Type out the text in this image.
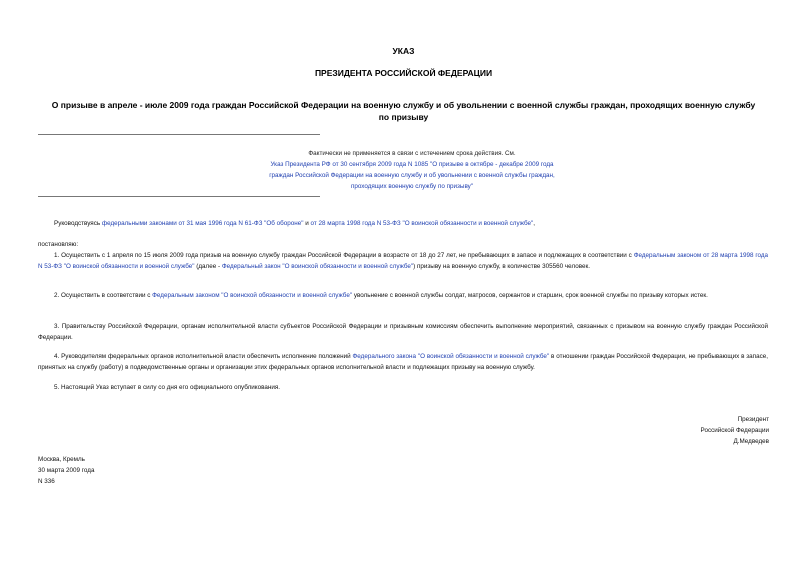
УКАЗ
ПРЕЗИДЕНТА РОССИЙСКОЙ ФЕДЕРАЦИИ

О призыве в апреле - июле 2009 года граждан Российской Федерации на военную службу и об увольнении с военной службы граждан, проходящих военную службу по призыву

Фактически не применяется в связи с истечением срока действия. См.
Указ Президента РФ от 30 сентября 2009 года N 1085 "О призыве в октябре - декабре 2009 года граждан Российской Федерации на военную службу и об увольнении с военной службы граждан, проходящих военную службу по призыву"

Руководствуясь федеральными законами от 31 мая 1996 года N 61-ФЗ "Об обороне" и от 28 марта 1998 года N 53-ФЗ "О воинской обязанности и военной службе",

постановляю:

1. Осуществить с 1 апреля по 15 июля 2009 года призыв на военную службу граждан Российской Федерации в возрасте от 18 до 27 лет, не пребывающих в запасе и подлежащих в соответствии с Федеральным законом от 28 марта 1998 года N 53-ФЗ "О воинской обязанности и военной службе" (далее - Федеральный закон "О воинской обязанности и военной службе") призыву на военную службу, в количестве 305560 человек.

2. Осуществить в соответствии с Федеральным законом "О воинской обязанности и военной службе" увольнение с военной службы солдат, матросов, сержантов и старшин, срок военной службы по призыву которых истек.

3. Правительству Российской Федерации, органам исполнительной власти субъектов Российской Федерации и призывным комиссиям обеспечить выполнение мероприятий, связанных с призывом на военную службу граждан Российской Федерации.

4. Руководителям федеральных органов исполнительной власти обеспечить исполнение положений Федерального закона "О воинской обязанности и военной службе" в отношении граждан Российской Федерации, не пребывающих в запасе, принятых на службу (работу) в подведомственные органы и организации этих федеральных органов исполнительной власти и подлежащих призыву на военную службу.

5. Настоящий Указ вступает в силу со дня его официального опубликования.

Президент
Российской Федерации
Д.Медведев

Москва, Кремль
30 марта 2009 года
N 336
